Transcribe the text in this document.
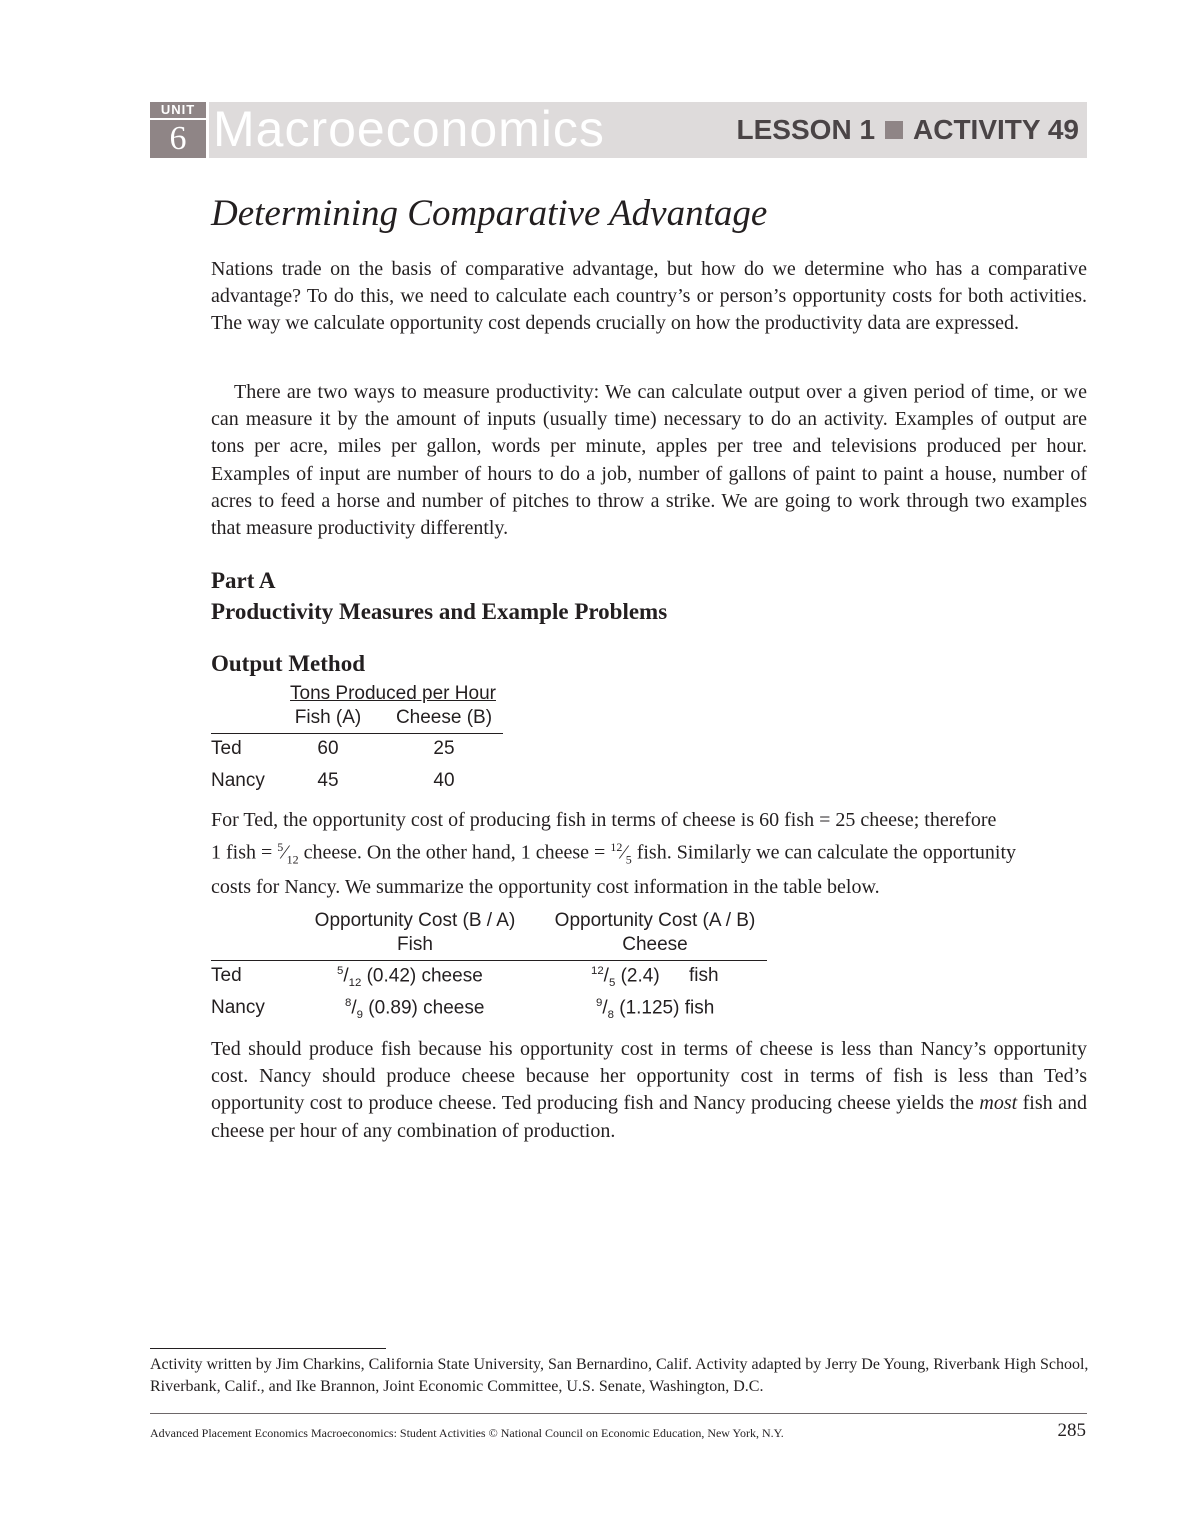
UNIT
6 Macroeconomics	LESSON 1 ACTIVITY 49
Determining Comparative Advantage

Nations trade on the basis of comparative advantage, but how do we determine who has a comparative advantage? To do this, we need to calculate each country’s or person’s opportunity costs for both activities. The way we calculate opportunity cost depends crucially on how the productivity data are expressed.

There are two ways to measure productivity: We can calculate output over a given period of time, or we can measure it by the amount of inputs (usually time) necessary to do an activity. Examples of output are tons per acre, miles per gallon, words per minute, apples per tree and televisions produced per hour. Examples of input are number of hours to do a job, number of gallons of paint to paint a house, number of acres to feed a horse and number of pitches to throw a strike. We are going to work through two examples that measure productivity differently.

Part A
Productivity Measures and Example Problems
Output Method
Tons Produced per Hour
Fish (A)	Cheese (B)
Ted	60	25
Nancy	45	40
For Ted, the opportunity cost of producing fish in terms of cheese is 60 fish = 25 cheese; therefore
1 fish = $^5⁄_{12}$ cheese. On the other hand, 1 cheese = $^{12}⁄_5$ fish. Similarly we can calculate the opportunity
costs for Nancy. We summarize the opportunity cost information in the table below.
Opportunity Cost (B / A)
Fish
Opportunity Cost (A / B)
Cheese
Ted	$^5/_{12}$ (0.42) cheese	$^{12}/_5$ (2.4) fish
Nancy	$^8/_9$ (0.89) cheese	$^9/_8$ (1.125) fish

Ted should produce fish because his opportunity cost in terms of cheese is less than Nancy’s opportunity cost. Nancy should produce cheese because her opportunity cost in terms of fish is less than Ted’s opportunity cost to produce cheese. Ted producing fish and Nancy producing cheese yields the most fish and cheese per hour of any combination of production.

Activity written by Jim Charkins, California State University, San Bernardino, Calif. Activity adapted by Jerry De Young, Riverbank High School, Riverbank, Calif., and Ike Brannon, Joint Economic Committee, U.S. Senate, Washington, D.C.
Advanced Placement Economics Macroeconomics: Student Activities © National Council on Economic Education, New York, N.Y.	285
